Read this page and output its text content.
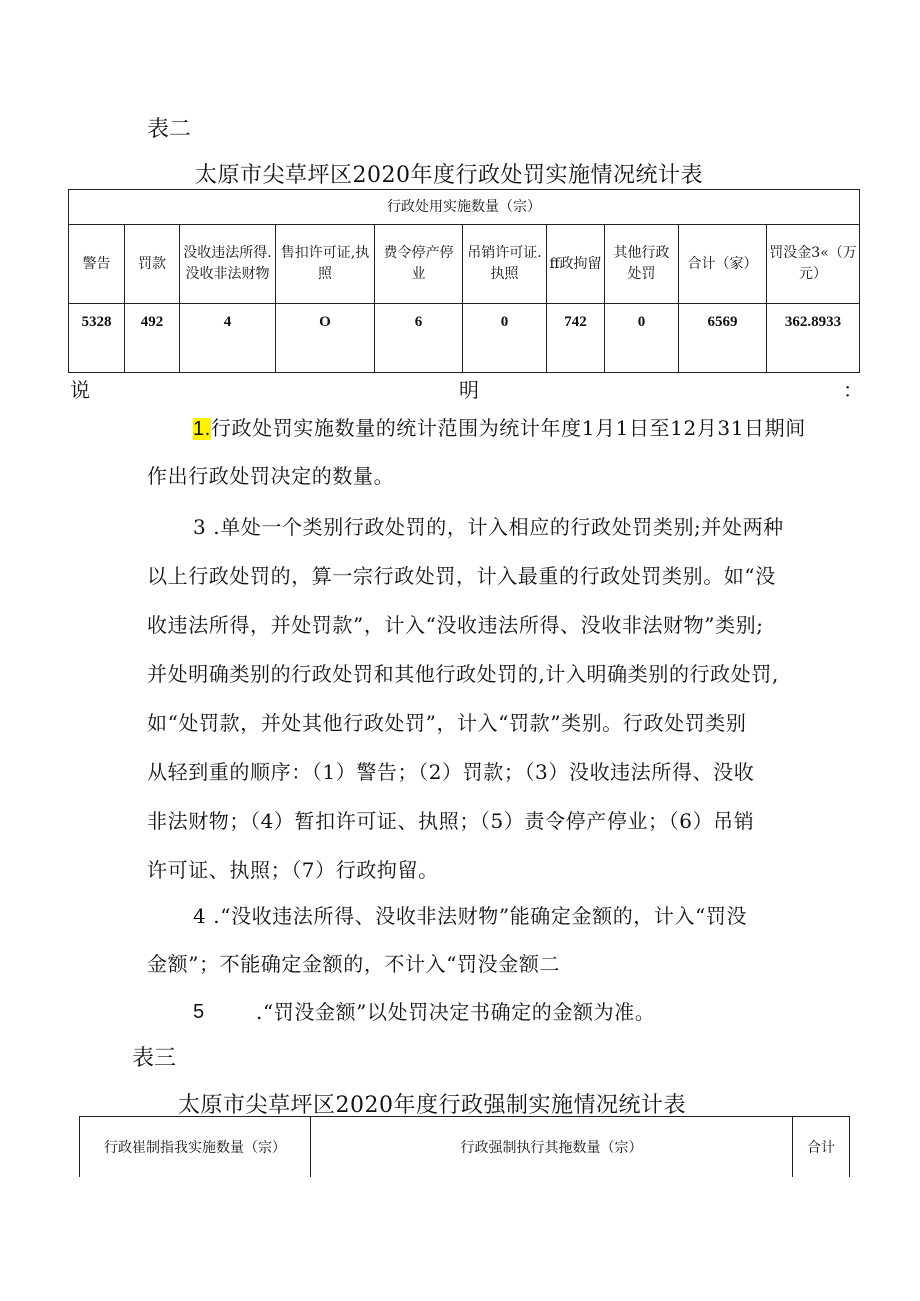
表二
太原市尖草坪区2020年度行政处罚实施情况统计表
行政处用实施数量（宗）									
警告	罚款	没收违法所得.没收非法财物	售扣许可证,执照	费令停产停业	吊销许可证.执照	ff政拘留	其他行政处罚	合计（家）	罚没金3«（万元）
5328	492	4	O	6	0	742	0	6569	362.8933
说	明	：
1.行政处罚实施数量的统计范围为统计年度1月1日至12月31日期间
作出行政处罚决定的数量。
3 .单处一个类别行政处罚的，计入相应的行政处罚类别;并处两种
以上行政处罚的，算一宗行政处罚，计入最重的行政处罚类别。如“没
收违法所得，并处罚款”，计入“没收违法所得、没收非法财物”类别;
并处明确类别的行政处罚和其他行政处罚的,计入明确类别的行政处罚,
如“处罚款，并处其他行政处罚”，计入“罚款”类别。行政处罚类别
从轻到重的顺序：（1）警告；（2）罚款；（3）没收违法所得、没收
非法财物；（4）暂扣许可证、执照；（5）责令停产停业；（6）吊销
许可证、执照；（7）行政拘留。
4 .“没收违法所得、没收非法财物”能确定金额的，计入“罚没
金额”；不能确定金额的，不计入“罚没金额二
5	.“罚没金额”以处罚决定书确定的金额为准。
表三
太原市尖草坪区2020年度行政强制实施情况统计表
行政崔制指我实施数量（宗）	行政强制执行其拖数量（宗）	合计
